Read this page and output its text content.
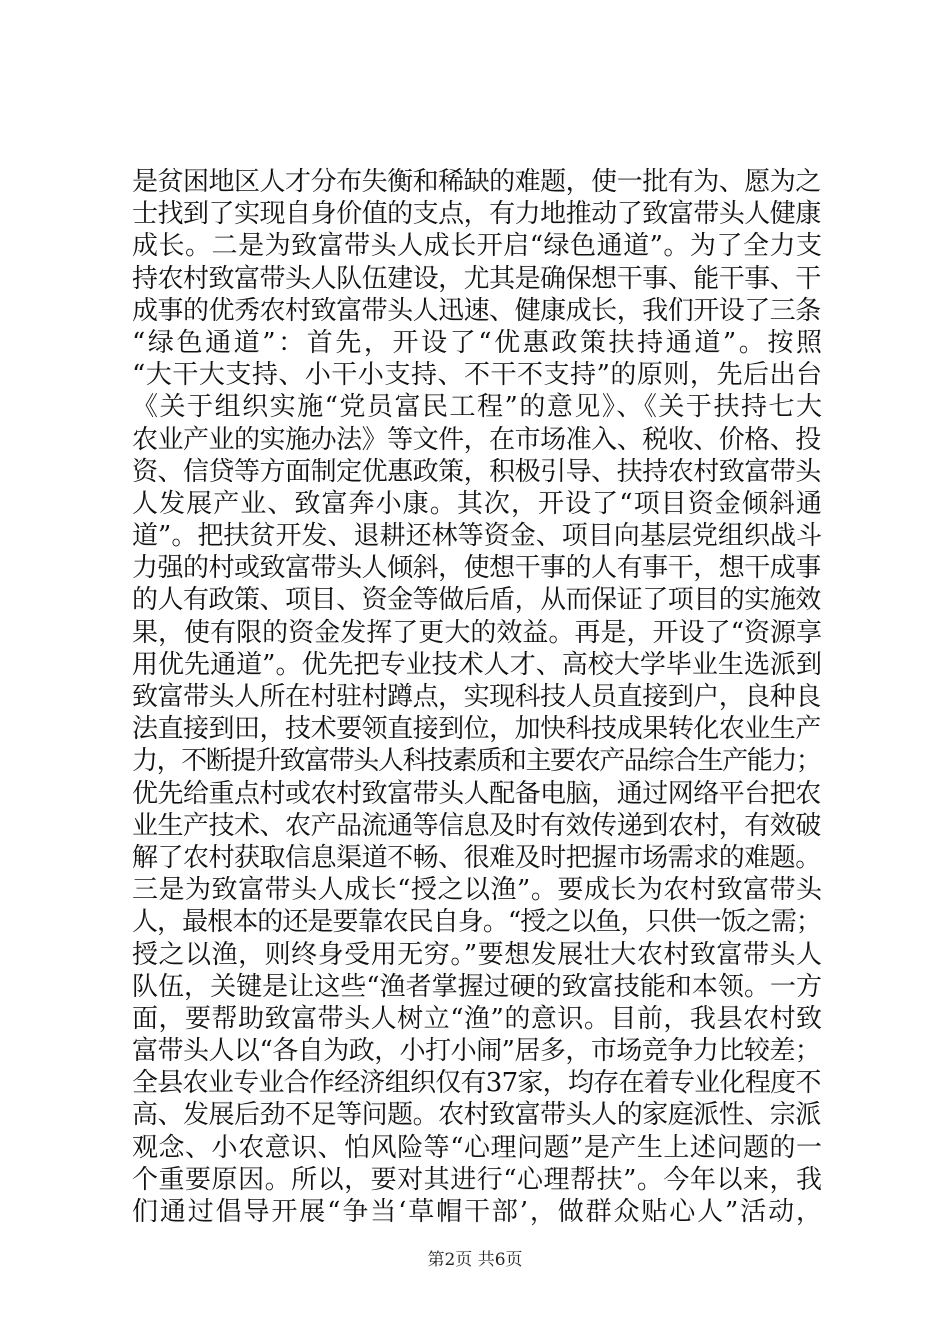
是贫困地区人才分布失衡和稀缺的难题，使一批有为、愿为之
士找到了实现自身价值的支点，有力地推动了致富带头人健康
成长。二是为致富带头人成长开启“绿色通道”。为了全力支
持农村致富带头人队伍建设，尤其是确保想干事、能干事、干
成事的优秀农村致富带头人迅速、健康成长，我们开设了三条
“绿色通道”：首先，开设了“优惠政策扶持通道”。按照
“大干大支持、小干小支持、不干不支持”的原则，先后出台
《关于组织实施“党员富民工程”的意见》、《关于扶持七大
农业产业的实施办法》等文件，在市场准入、税收、价格、投
资、信贷等方面制定优惠政策，积极引导、扶持农村致富带头
人发展产业、致富奔小康。其次，开设了“项目资金倾斜通
道”。把扶贫开发、退耕还林等资金、项目向基层党组织战斗
力强的村或致富带头人倾斜，使想干事的人有事干，想干成事
的人有政策、项目、资金等做后盾，从而保证了项目的实施效
果，使有限的资金发挥了更大的效益。再是，开设了“资源享
用优先通道”。优先把专业技术人才、高校大学毕业生选派到
致富带头人所在村驻村蹲点，实现科技人员直接到户，良种良
法直接到田，技术要领直接到位，加快科技成果转化农业生产
力，不断提升致富带头人科技素质和主要农产品综合生产能力；
优先给重点村或农村致富带头人配备电脑，通过网络平台把农
业生产技术、农产品流通等信息及时有效传递到农村，有效破
解了农村获取信息渠道不畅、很难及时把握市场需求的难题。
三是为致富带头人成长“授之以渔”。要成长为农村致富带头
人，最根本的还是要靠农民自身。“授之以鱼，只供一饭之需；
授之以渔，则终身受用无穷。”要想发展壮大农村致富带头人
队伍，关键是让这些“渔者掌握过硬的致富技能和本领。一方
面，要帮助致富带头人树立“渔”的意识。目前，我县农村致
富带头人以“各自为政，小打小闹”居多，市场竞争力比较差；
全县农业专业合作经济组织仅有37家，均存在着专业化程度不
高、发展后劲不足等问题。农村致富带头人的家庭派性、宗派
观念、小农意识、怕风险等“心理问题”是产生上述问题的一
个重要原因。所以，要对其进行“心理帮扶”。今年以来，我
们通过倡导开展“争当‘草帽干部’，做群众贴心人”活动，
第2页 共6页
